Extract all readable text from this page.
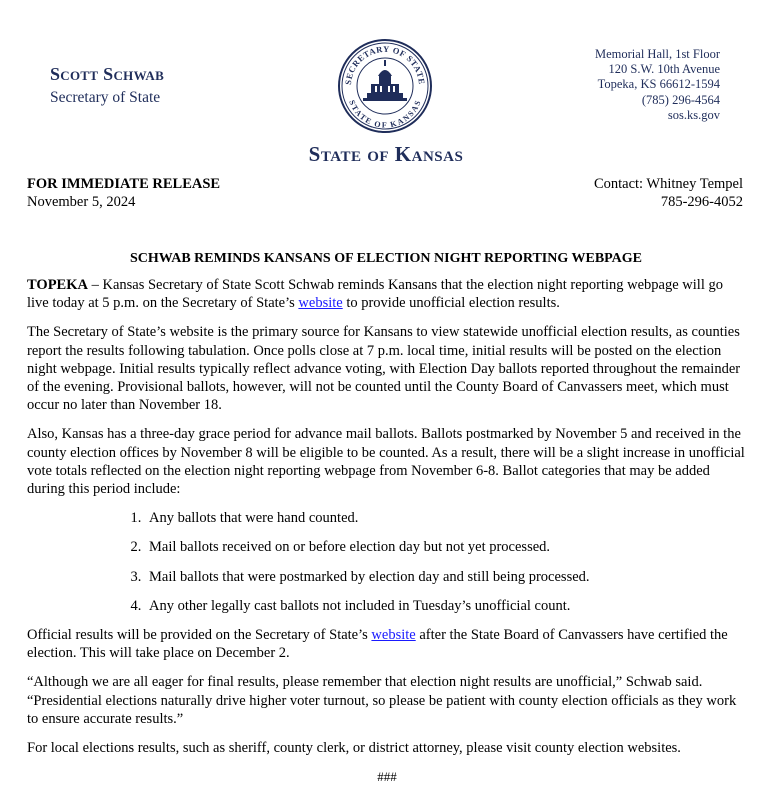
Scott Schwab
Secretary of State
SECRETARY OF STATE
STATE OF KANSAS
State of Kansas
Memorial Hall, 1st Floor
120 S.W. 10th Avenue
Topeka, KS 66612-1594
(785) 296-4564
sos.ks.gov
FOR IMMEDIATE RELEASE
November 5, 2024
Contact: Whitney Tempel
785-296-4052
SCHWAB REMINDS KANSANS OF ELECTION NIGHT REPORTING WEBPAGE

TOPEKA – Kansas Secretary of State Scott Schwab reminds Kansans that the election night reporting webpage will go live today at 5 p.m. on the Secretary of State’s website to provide unofficial election results.

The Secretary of State’s website is the primary source for Kansans to view statewide unofficial election results, as counties report the results following tabulation. Once polls close at 7 p.m. local time, initial results will be posted on the election night webpage. Initial results typically reflect advance voting, with Election Day ballots reported throughout the remainder of the evening. Provisional ballots, however, will not be counted until the County Board of Canvassers meet, which must occur no later than November 18.

Also, Kansas has a three-day grace period for advance mail ballots. Ballots postmarked by November 5 and received in the county election offices by November 8 will be eligible to be counted. As a result, there will be a slight increase in unofficial vote totals reflected on the election night reporting webpage from November 6-8. Ballot categories that may be added during this period include:

1. Any ballots that were hand counted.
2. Mail ballots received on or before election day but not yet processed.
3. Mail ballots that were postmarked by election day and still being processed.
4. Any other legally cast ballots not included in Tuesday’s unofficial count.

Official results will be provided on the Secretary of State’s website after the State Board of Canvassers have certified the election. This will take place on December 2.

“Although we are all eager for final results, please remember that election night results are unofficial,” Schwab said. “Presidential elections naturally drive higher voter turnout, so please be patient with county election officials as they work to ensure accurate results.”

For local elections results, such as sheriff, county clerk, or district attorney, please visit county election websites.

###
